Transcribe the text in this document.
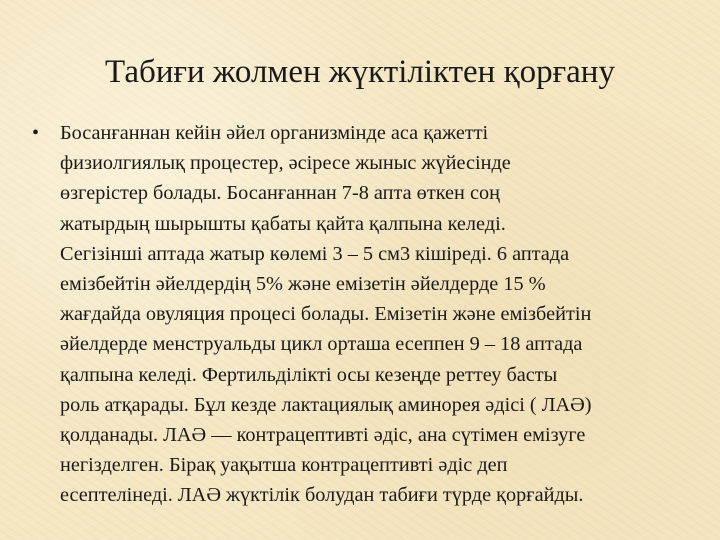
Табиғи жолмен жүктіліктен қорғану
•	Босанғаннан кейін әйел организмінде аса қажетті
физиолгиялық процестер, әсіресе жыныс жүйесінде
өзгерістер болады. Босанғаннан 7-8 апта өткен соң
жатырдың шырышты қабаты қайта қалпына келеді.
Сегізінші аптада жатыр көлемі 3 – 5 см3 кішіреді. 6 аптада
емізбейтін әйелдердің 5% және емізетін әйелдерде 15 %
жағдайда овуляция процесі болады. Емізетін және емізбейтін
әйелдерде менструальды цикл орташа есеппен 9 – 18 аптада
қалпына келеді. Фертильділікті осы кезеңде реттеу басты
роль атқарады. Бұл кезде лактациялық аминорея әдісі ( ЛАӘ)
қолданады. ЛАӘ — контрацептивті әдіс, ана сүтімен емізуге
негізделген. Бірақ уақытша контрацептивті әдіс деп
есептелінеді. ЛАӘ жүктілік болудан табиғи түрде қорғайды.
